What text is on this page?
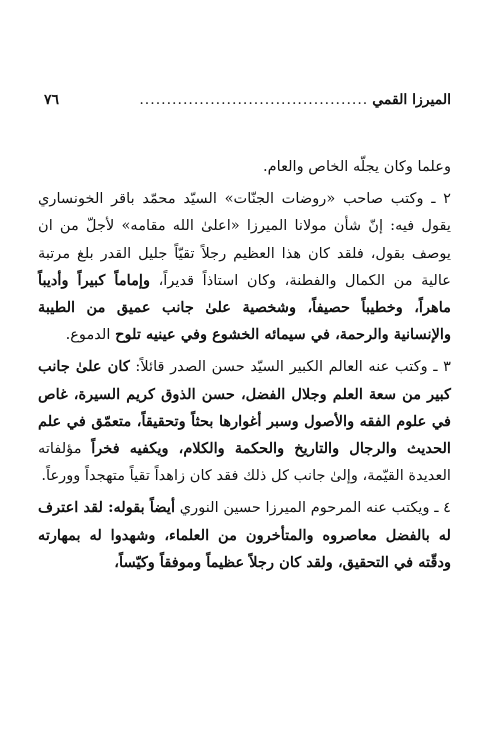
الميرزا القمي
..........................................
٧٦

وعلما وكان يجلّه الخاص والعام.

٢ ـ وكتب صاحب «روضات الجنّات» السيّد محمّد باقر الخونساري يقول فيه: إنّ شأن مولانا الميرزا «اعلىٰ الله مقامه» لأجلّ من ان يوصف بقول، فلقد كان هذا العظيم رجلاً تقيّاً جليل القدر بلغ مرتبة عالية من الكمال والفطنة، وكان استاذاً قديراً، وإماماً كبيراً وأديباً ماهراً، وخطيباً حصيفاً، وشخصية علىٰ جانب عميق من الطيبة والإنسانية والرحمة، في سيمائه الخشوع وفي عينيه تلوح الدموع.

٣ ـ وكتب عنه العالم الكبير السيّد حسن الصدر قائلاً: كان علىٰ جانب كبير من سعة العلم وجلال الفضل، حسن الذوق كريم السيرة، غاص في علوم الفقه والأصول وسبر أغوارها بحثاً وتحقيقاً، متعمّق في علم الحديث والرجال والتاريخ والحكمة والكلام، ويكفيه فخراً مؤلفاته العديدة القيّمة، وإلىٰ جانب كل ذلك فقد كان زاهداً تقياً متهجداً وورعاً.

٤ ـ ويكتب عنه المرحوم الميرزا حسين النوري أيضاً بقوله: لقد اعترف له بالفضل معاصروه والمتأخرون من العلماء، وشهدوا له بمهارته ودقّته في التحقيق، ولقد كان رجلاً عظيماً وموفقاً وكيّساً،
